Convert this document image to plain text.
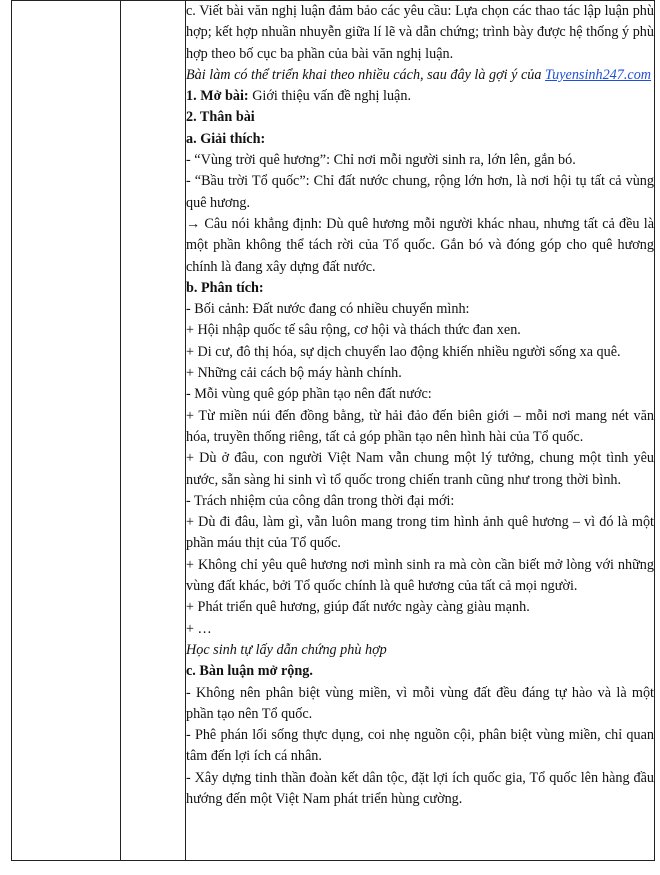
c. Viết bài văn nghị luận đảm bảo các yêu cầu: Lựa chọn các thao tác lập luận phù hợp; kết hợp nhuần nhuyễn giữa lí lẽ và dẫn chứng; trình bày được hệ thống ý phù hợp theo bố cục ba phần của bài văn nghị luận.

Bài làm có thể triển khai theo nhiều cách, sau đây là gợi ý của Tuyensinh247.com

1. Mở bài: Giới thiệu vấn đề nghị luận.

2. Thân bài

a. Giải thích:

- “Vùng trời quê hương”: Chỉ nơi mỗi người sinh ra, lớn lên, gắn bó.

- “Bầu trời Tổ quốc”: Chỉ đất nước chung, rộng lớn hơn, là nơi hội tụ tất cả vùng quê hương.

→ Câu nói khẳng định: Dù quê hương mỗi người khác nhau, nhưng tất cả đều là một phần không thể tách rời của Tổ quốc. Gắn bó và đóng góp cho quê hương chính là đang xây dựng đất nước.

b. Phân tích:

- Bối cảnh: Đất nước đang có nhiều chuyển mình:

+ Hội nhập quốc tế sâu rộng, cơ hội và thách thức đan xen.

+ Di cư, đô thị hóa, sự dịch chuyển lao động khiến nhiều người sống xa quê.

+ Những cải cách bộ máy hành chính.

- Mỗi vùng quê góp phần tạo nên đất nước:

+ Từ miền núi đến đồng bằng, từ hải đảo đến biên giới – mỗi nơi mang nét văn hóa, truyền thống riêng, tất cả góp phần tạo nên hình hài của Tổ quốc.

+ Dù ở đâu, con người Việt Nam vẫn chung một lý tưởng, chung một tình yêu nước, sẵn sàng hi sinh vì tổ quốc trong chiến tranh cũng như trong thời bình.

- Trách nhiệm của công dân trong thời đại mới:

+ Dù đi đâu, làm gì, vẫn luôn mang trong tim hình ảnh quê hương – vì đó là một phần máu thịt của Tổ quốc.

+ Không chỉ yêu quê hương nơi mình sinh ra mà còn cần biết mở lòng với những vùng đất khác, bởi Tổ quốc chính là quê hương của tất cả mọi người.

+ Phát triển quê hương, giúp đất nước ngày càng giàu mạnh.

+ …

Học sinh tự lấy dẫn chứng phù hợp

c. Bàn luận mở rộng.

- Không nên phân biệt vùng miền, vì mỗi vùng đất đều đáng tự hào và là một phần tạo nên Tổ quốc.

- Phê phán lối sống thực dụng, coi nhẹ nguồn cội, phân biệt vùng miền, chỉ quan tâm đến lợi ích cá nhân.

- Xây dựng tinh thần đoàn kết dân tộc, đặt lợi ích quốc gia, Tổ quốc lên hàng đầu hướng đến một Việt Nam phát triển hùng cường.
